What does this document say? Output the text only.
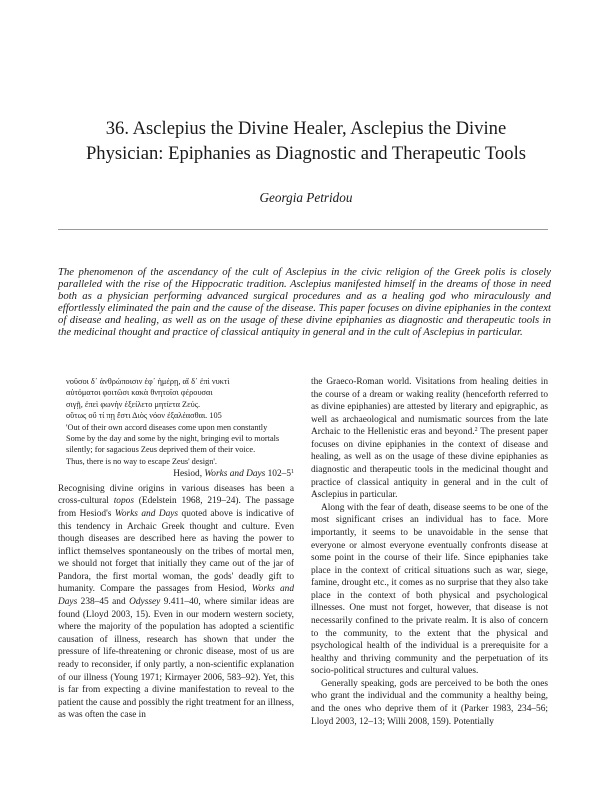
36. Asclepius the Divine Healer, Asclepius the Divine
Physician: Epiphanies as Diagnostic and Therapeutic Tools
Georgia Petridou

The phenomenon of the ascendancy of the cult of Asclepius in the civic religion of the Greek polis is closely paralleled with the rise of the Hippocratic tradition. Asclepius manifested himself in the dreams of those in need both as a physician performing advanced surgical procedures and as a healing god who miraculously and effortlessly eliminated the pain and the cause of the disease. This paper focuses on divine epiphanies in the context of disease and healing, as well as on the usage of these divine epiphanies as diagnostic and therapeutic tools in the medicinal thought and practice of classical antiquity in general and in the cult of Asclepius in particular.

νοῦσοι δ᾽ ἀνθρώποισιν ἐφ᾽ ἡμέρῃ, αἳ δ᾽ ἐπὶ νυκτὶ
αὐτόματοι φοιτῶσι κακὰ θνητοῖσι φέρουσαι
σιγῇ, ἐπεὶ φωνὴν ἐξείλετο μητίετα Ζεύς.
οὕτως οὔ τί πῃ ἔστι Διὸς νόον ἐξαλέασθαι. 105
'Out of their own accord diseases come upon men constantly
Some by the day and some by the night, bringing evil to mortals
silently; for sagacious Zeus deprived them of their voice.
Thus, there is no way to escape Zeus' design'.
Hesiod, Works and Days $102-5^1$

Recognising divine origins in various diseases has been a cross-cultural topos (Edelstein 1968, 219–24). The passage from Hesiod's Works and Days quoted above is indicative of this tendency in Archaic Greek thought and culture. Even though diseases are described here as having the power to inflict themselves spontaneously on the tribes of mortal men, we should not forget that initially they came out of the jar of Pandora, the first mortal woman, the gods' deadly gift to humanity. Compare the passages from Hesiod, Works and Days 238–45 and Odyssey 9.411–40, where similar ideas are found (Lloyd 2003, 15). Even in our modern western society, where the majority of the population has adopted a scientific causation of illness, research has shown that under the pressure of life-threatening or chronic disease, most of us are ready to reconsider, if only partly, a non-scientific explanation of our illness (Young 1971; Kirmayer 2006, 583–92). Yet, this is far from expecting a divine manifestation to reveal to the patient the cause and possibly the right treatment for an illness, as was often the case in

the Graeco-Roman world. Visitations from healing deities in the course of a dream or waking reality (henceforth referred to as divine epiphanies) are attested by literary and epigraphic, as well as archaeological and numismatic sources from the late Archaic to the Hellenistic eras and beyond.$^2$ The present paper focuses on divine epiphanies in the context of disease and healing, as well as on the usage of these divine epiphanies as diagnostic and therapeutic tools in the medicinal thought and practice of classical antiquity in general and in the cult of Asclepius in particular.

Along with the fear of death, disease seems to be one of the most significant crises an individual has to face. More importantly, it seems to be unavoidable in the sense that everyone or almost everyone eventually confronts disease at some point in the course of their life. Since epiphanies take place in the context of critical situations such as war, siege, famine, drought etc., it comes as no surprise that they also take place in the context of both physical and psychological illnesses. One must not forget, however, that disease is not necessarily confined to the private realm. It is also of concern to the community, to the extent that the physical and psychological health of the individual is a prerequisite for a healthy and thriving community and the perpetuation of its socio-political structures and cultural values.

Generally speaking, gods are perceived to be both the ones who grant the individual and the community a healthy being, and the ones who deprive them of it (Parker 1983, 234–56; Lloyd 2003, 12–13; Willi 2008, 159). Potentially
